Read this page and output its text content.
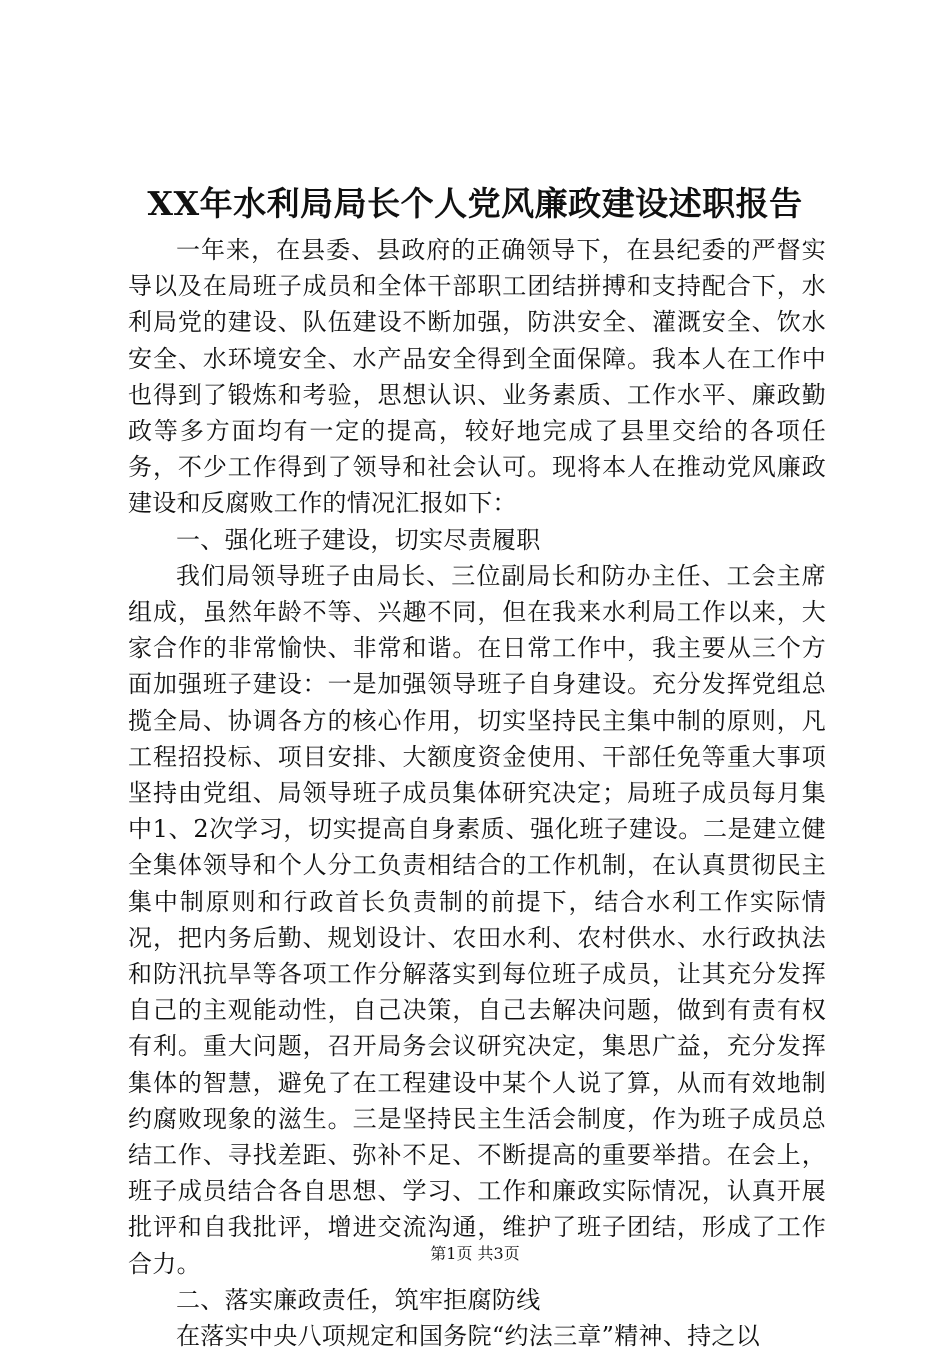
XX年水利局局长个人党风廉政建设述职报告

一年来，在县委、县政府的正确领导下，在县纪委的严督实导以及在局班子成员和全体干部职工团结拼搏和支持配合下，水利局党的建设、队伍建设不断加强，防洪安全、灌溉安全、饮水安全、水环境安全、水产品安全得到全面保障。我本人在工作中也得到了锻炼和考验，思想认识、业务素质、工作水平、廉政勤政等多方面均有一定的提高，较好地完成了县里交给的各项任务，不少工作得到了领导和社会认可。现将本人在推动党风廉政建设和反腐败工作的情况汇报如下：

一、强化班子建设，切实尽责履职

我们局领导班子由局长、三位副局长和防办主任、工会主席组成，虽然年龄不等、兴趣不同，但在我来水利局工作以来，大家合作的非常愉快、非常和谐。在日常工作中，我主要从三个方面加强班子建设：一是加强领导班子自身建设。充分发挥党组总揽全局、协调各方的核心作用，切实坚持民主集中制的原则，凡工程招投标、项目安排、大额度资金使用、干部任免等重大事项坚持由党组、局领导班子成员集体研究决定；局班子成员每月集中1、2次学习，切实提高自身素质、强化班子建设。二是建立健全集体领导和个人分工负责相结合的工作机制，在认真贯彻民主集中制原则和行政首长负责制的前提下，结合水利工作实际情况，把内务后勤、规划设计、农田水利、农村供水、水行政执法和防汛抗旱等各项工作分解落实到每位班子成员，让其充分发挥自己的主观能动性，自己决策，自己去解决问题，做到有责有权有利。重大问题，召开局务会议研究决定，集思广益，充分发挥集体的智慧，避免了在工程建设中某个人说了算，从而有效地制约腐败现象的滋生。三是坚持民主生活会制度，作为班子成员总结工作、寻找差距、弥补不足、不断提高的重要举措。在会上，班子成员结合各自思想、学习、工作和廉政实际情况，认真开展批评和自我批评，增进交流沟通，维护了班子团结，形成了工作合力。

二、落实廉政责任，筑牢拒腐防线

在落实中央八项规定和国务院“约法三章”精神、持之以

第1页 共3页
